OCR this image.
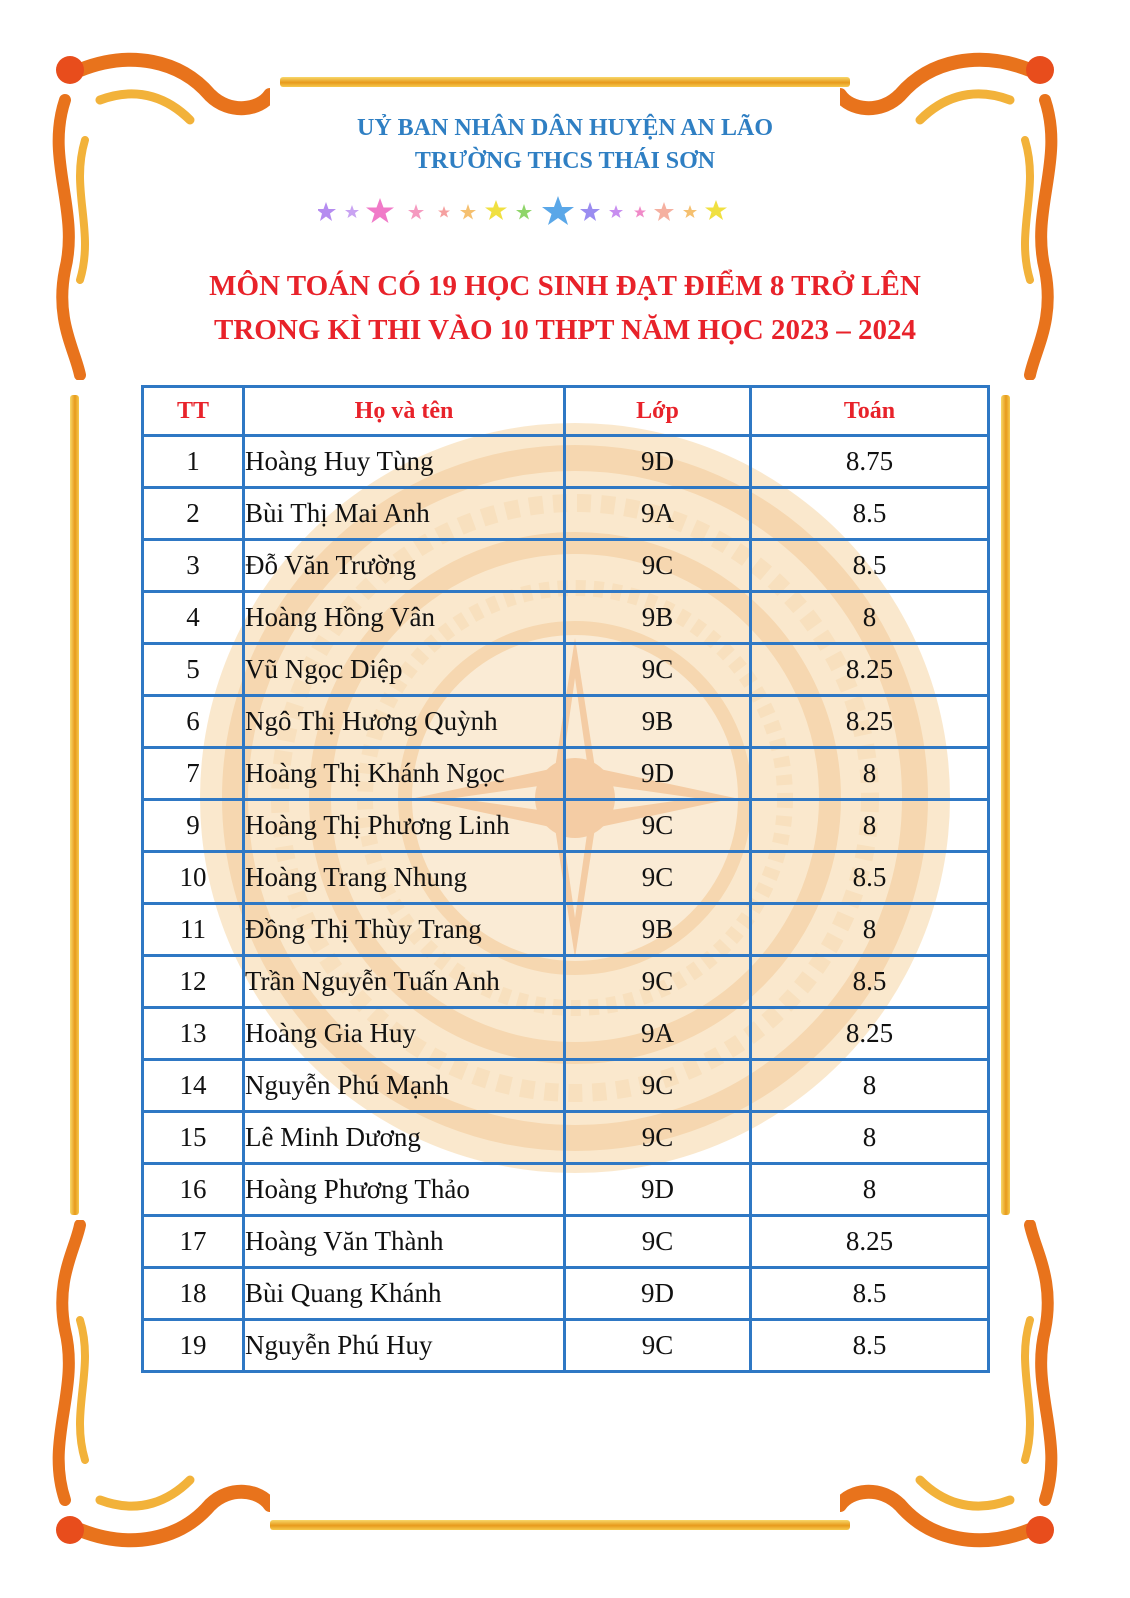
UỶ BAN NHÂN DÂN HUYỆN AN LÃO
TRƯỜNG THCS THÁI SƠN
MÔN TOÁN CÓ 19 HỌC SINH ĐẠT ĐIỂM 8 TRỞ LÊN
TRONG KÌ THI VÀO 10 THPT NĂM HỌC 2023 – 2024
TT	Họ và tên	Lớp	Toán
1	Hoàng Huy Tùng	9D	8.75
2	Bùi Thị Mai Anh	9A	8.5
3	Đỗ Văn Trường	9C	8.5
4	Hoàng Hồng Vân	9B	8
5	Vũ Ngọc Diệp	9C	8.25
6	Ngô Thị Hương Quỳnh	9B	8.25
7	Hoàng Thị Khánh Ngọc	9D	8
9	Hoàng Thị Phương Linh	9C	8
10	Hoàng Trang Nhung	9C	8.5
11	Đồng Thị Thùy Trang	9B	8
12	Trần Nguyễn Tuấn Anh	9C	8.5
13	Hoàng Gia Huy	9A	8.25
14	Nguyễn Phú Mạnh	9C	8
15	Lê Minh Dương	9C	8
16	Hoàng Phương Thảo	9D	8
17	Hoàng Văn Thành	9C	8.25
18	Bùi Quang Khánh	9D	8.5
19	Nguyễn Phú Huy	9C	8.5
